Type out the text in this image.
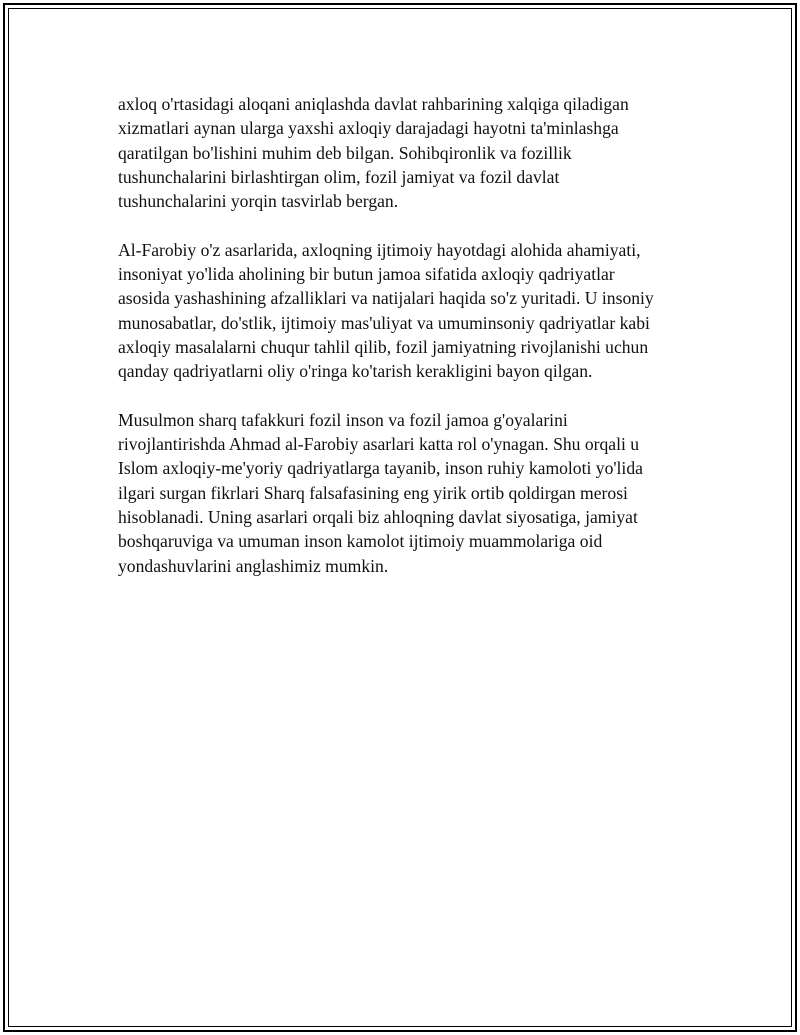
axloq o'rtasidagi aloqani aniqlashda davlat rahbarining xalqiga qiladigan
xizmatlari aynan ularga yaxshi axloqiy darajadagi hayotni ta'minlashga
qaratilgan bo'lishini muhim deb bilgan. Sohibqironlik va fozillik
tushunchalarini birlashtirgan olim, fozil jamiyat va fozil davlat
tushunchalarini yorqin tasvirlab bergan.

Al-Farobiy o'z asarlarida, axloqning ijtimoiy hayotdagi alohida ahamiyati,
insoniyat yo'lida aholining bir butun jamoa sifatida axloqiy qadriyatlar
asosida yashashining afzalliklari va natijalari haqida so'z yuritadi. U insoniy
munosabatlar, do'stlik, ijtimoiy mas'uliyat va umuminsoniy qadriyatlar kabi
axloqiy masalalarni chuqur tahlil qilib, fozil jamiyatning rivojlanishi uchun
qanday qadriyatlarni oliy o'ringa ko'tarish kerakligini bayon qilgan.

Musulmon sharq tafakkuri fozil inson va fozil jamoa g'oyalarini
rivojlantirishda Ahmad al-Farobiy asarlari katta rol o'ynagan. Shu orqali u
Islom axloqiy-me'yoriy qadriyatlarga tayanib, inson ruhiy kamoloti yo'lida
ilgari surgan fikrlari Sharq falsafasining eng yirik ortib qoldirgan merosi
hisoblanadi. Uning asarlari orqali biz ahloqning davlat siyosatiga, jamiyat
boshqaruviga va umuman inson kamolot ijtimoiy muammolariga oid
yondashuvlarini anglashimiz mumkin.
